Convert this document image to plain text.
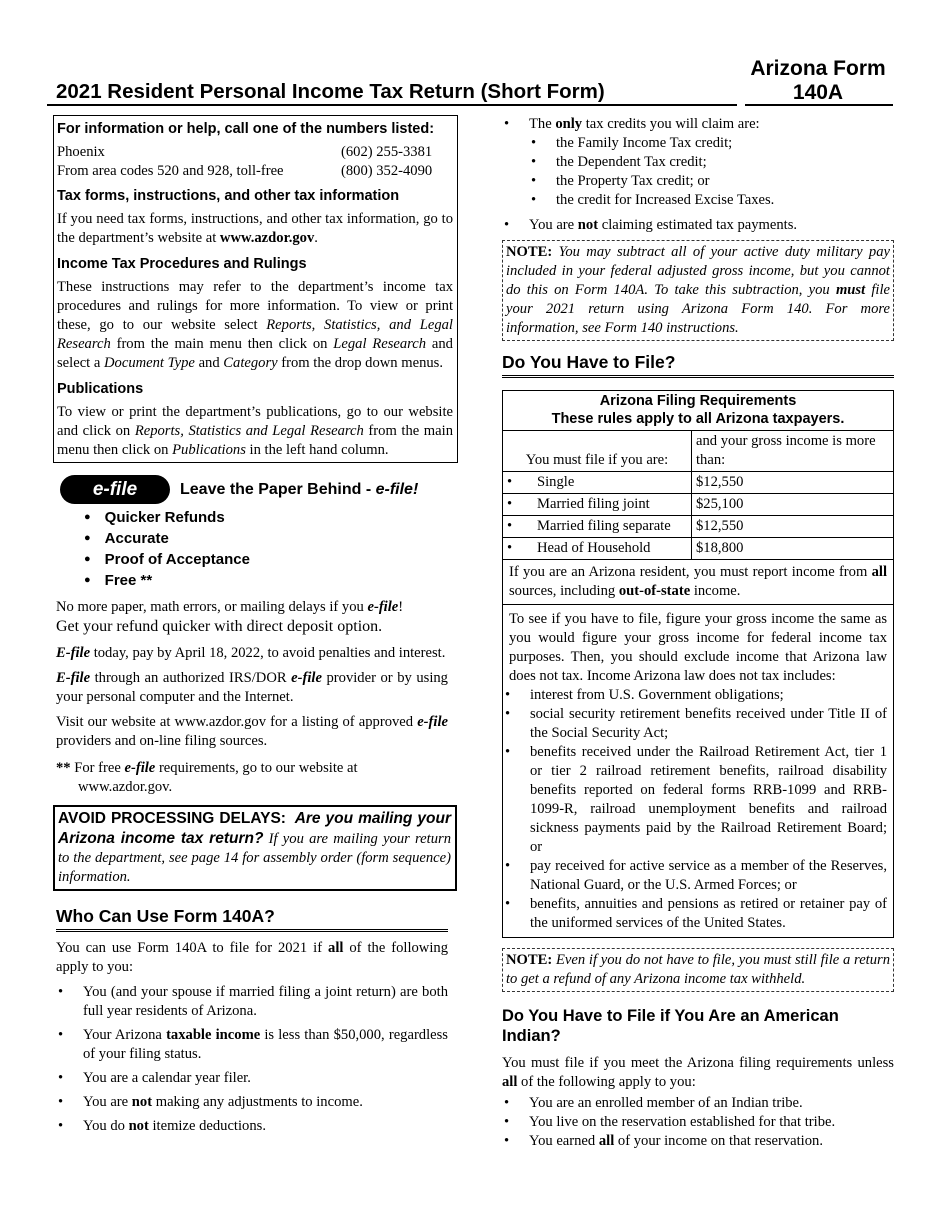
Arizona Form
140A
2021 Resident Personal Income Tax Return (Short Form)
For information or help, call one of the numbers listed:
Phoenix	(602) 255-3381
From area codes 520 and 928, toll-free	(800) 352-4090
Tax forms, instructions, and other tax information

If you need tax forms, instructions, and other tax information, go to the department’s website at www.azdor.gov.

Income Tax Procedures and Rulings

These instructions may refer to the department’s income tax procedures and rulings for more information. To view or print these, go to our website select Reports, Statistics, and Legal Research from the main menu then click on Legal Research and select a Document Type and Category from the drop down menus.

Publications

To view or print the department’s publications, go to our website and click on Reports, Statistics and Legal Research from the main menu then click on Publications in the left hand column.

e-file	Leave the Paper Behind - e-file!
● Quicker Refunds
● Accurate
● Proof of Acceptance
● Free **

No more paper, math errors, or mailing delays if you e-file!

Get your refund quicker with direct deposit option.

E-file today, pay by April 18, 2022, to avoid penalties and interest.

E-file through an authorized IRS/DOR e-file provider or by using your personal computer and the Internet.

Visit our website at www.azdor.gov for a listing of approved e-file providers and on-line filing sources.

** For free e-file requirements, go to our website at

www.azdor.gov.

AVOID PROCESSING DELAYS: Are you mailing your Arizona income tax return? If you are mailing your return to the department, see page 14 for assembly order (form sequence) information.

Who Can Use Form 140A?

You can use Form 140A to file for 2021 if all of the following apply to you:

• You (and your spouse if married filing a joint return) are both full year residents of Arizona.
• Your Arizona taxable income is less than $50,000, regardless of your filing status.
• You are a calendar year filer.
• You are not making any adjustments to income.
• You do not itemize deductions.
• The only tax credits you will claim are:
• the Family Income Tax credit;
• the Dependent Tax credit;
• the Property Tax credit; or
• the credit for Increased Excise Taxes.
• You are not claiming estimated tax payments.
NOTE: You may subtract all of your active duty military pay included in your federal adjusted gross income, but you cannot do this on Form 140A. To take this subtraction, you must file your 2021 return using Arizona Form 140. For more information, see Form 140 instructions.
Do You Have to File?
Arizona Filing Requirements
These rules apply to all Arizona taxpayers.
You must file if you are:	and your gross income is more than:
• Single	$12,550
• Married filing joint	$25,100
• Married filing separate	$12,550
• Head of Household	$18,800
If you are an Arizona resident, you must report income from all sources, including out-of-state income.

To see if you have to file, figure your gross income the same as you would figure your gross income for federal income tax purposes. Then, you should exclude income that Arizona law does not tax. Income Arizona law does not tax includes:

• interest from U.S. Government obligations;
• social security retirement benefits received under Title II of the Social Security Act;
• benefits received under the Railroad Retirement Act, tier 1 or tier 2 railroad retirement benefits, railroad disability benefits reported on federal forms RRB-1099 and RRB-1099-R, railroad unemployment benefits and railroad sickness payments paid by the Railroad Retirement Board; or
• pay received for active service as a member of the Reserves, National Guard, or the U.S. Armed Forces; or
• benefits, annuities and pensions as retired or retainer pay of the uniformed services of the United States.
NOTE: Even if you do not have to file, you must still file a return to get a refund of any Arizona income tax withheld.
Do You Have to File if You Are an American Indian?

You must file if you meet the Arizona filing requirements unless all of the following apply to you:

• You are an enrolled member of an Indian tribe.
• You live on the reservation established for that tribe.
• You earned all of your income on that reservation.
